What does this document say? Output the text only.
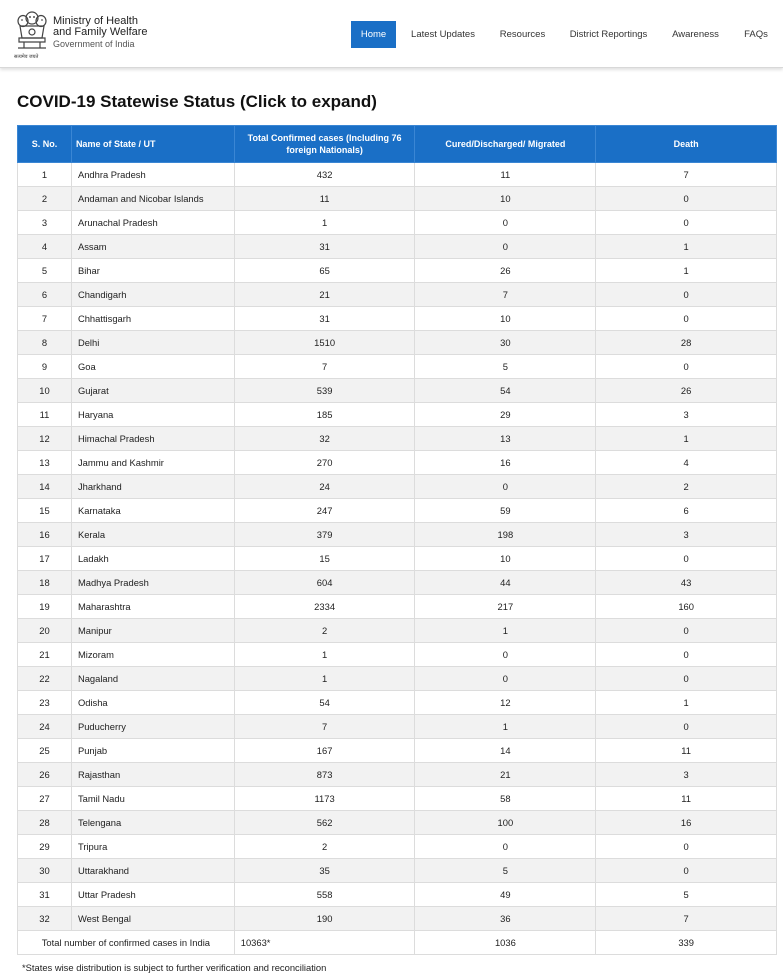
सत्यमेव जयते
Ministry of Health
and Family Welfare
Government of India
Home	Latest Updates	Resources	District Reportings	Awareness	FAQs
COVID-19 Statewise Status (Click to expand)
S. No.	Name of State / UT	Total Confirmed cases (Including 76 foreign Nationals)	Cured/Discharged/ Migrated	Death
1	Andhra Pradesh	432	11	7
2	Andaman and Nicobar Islands	11	10	0
3	Arunachal Pradesh	1	0	0
4	Assam	31	0	1
5	Bihar	65	26	1
6	Chandigarh	21	7	0
7	Chhattisgarh	31	10	0
8	Delhi	1510	30	28
9	Goa	7	5	0
10	Gujarat	539	54	26
11	Haryana	185	29	3
12	Himachal Pradesh	32	13	1
13	Jammu and Kashmir	270	16	4
14	Jharkhand	24	0	2
15	Karnataka	247	59	6
16	Kerala	379	198	3
17	Ladakh	15	10	0
18	Madhya Pradesh	604	44	43
19	Maharashtra	2334	217	160
20	Manipur	2	1	0
21	Mizoram	1	0	0
22	Nagaland	1	0	0
23	Odisha	54	12	1
24	Puducherry	7	1	0
25	Punjab	167	14	11
26	Rajasthan	873	21	3
27	Tamil Nadu	1173	58	11
28	Telengana	562	100	16
29	Tripura	2	0	0
30	Uttarakhand	35	5	0
31	Uttar Pradesh	558	49	5
32	West Bengal	190	36	7
Total number of confirmed cases in India		10363*	1036	339
*States wise distribution is subject to further verification and reconciliation
